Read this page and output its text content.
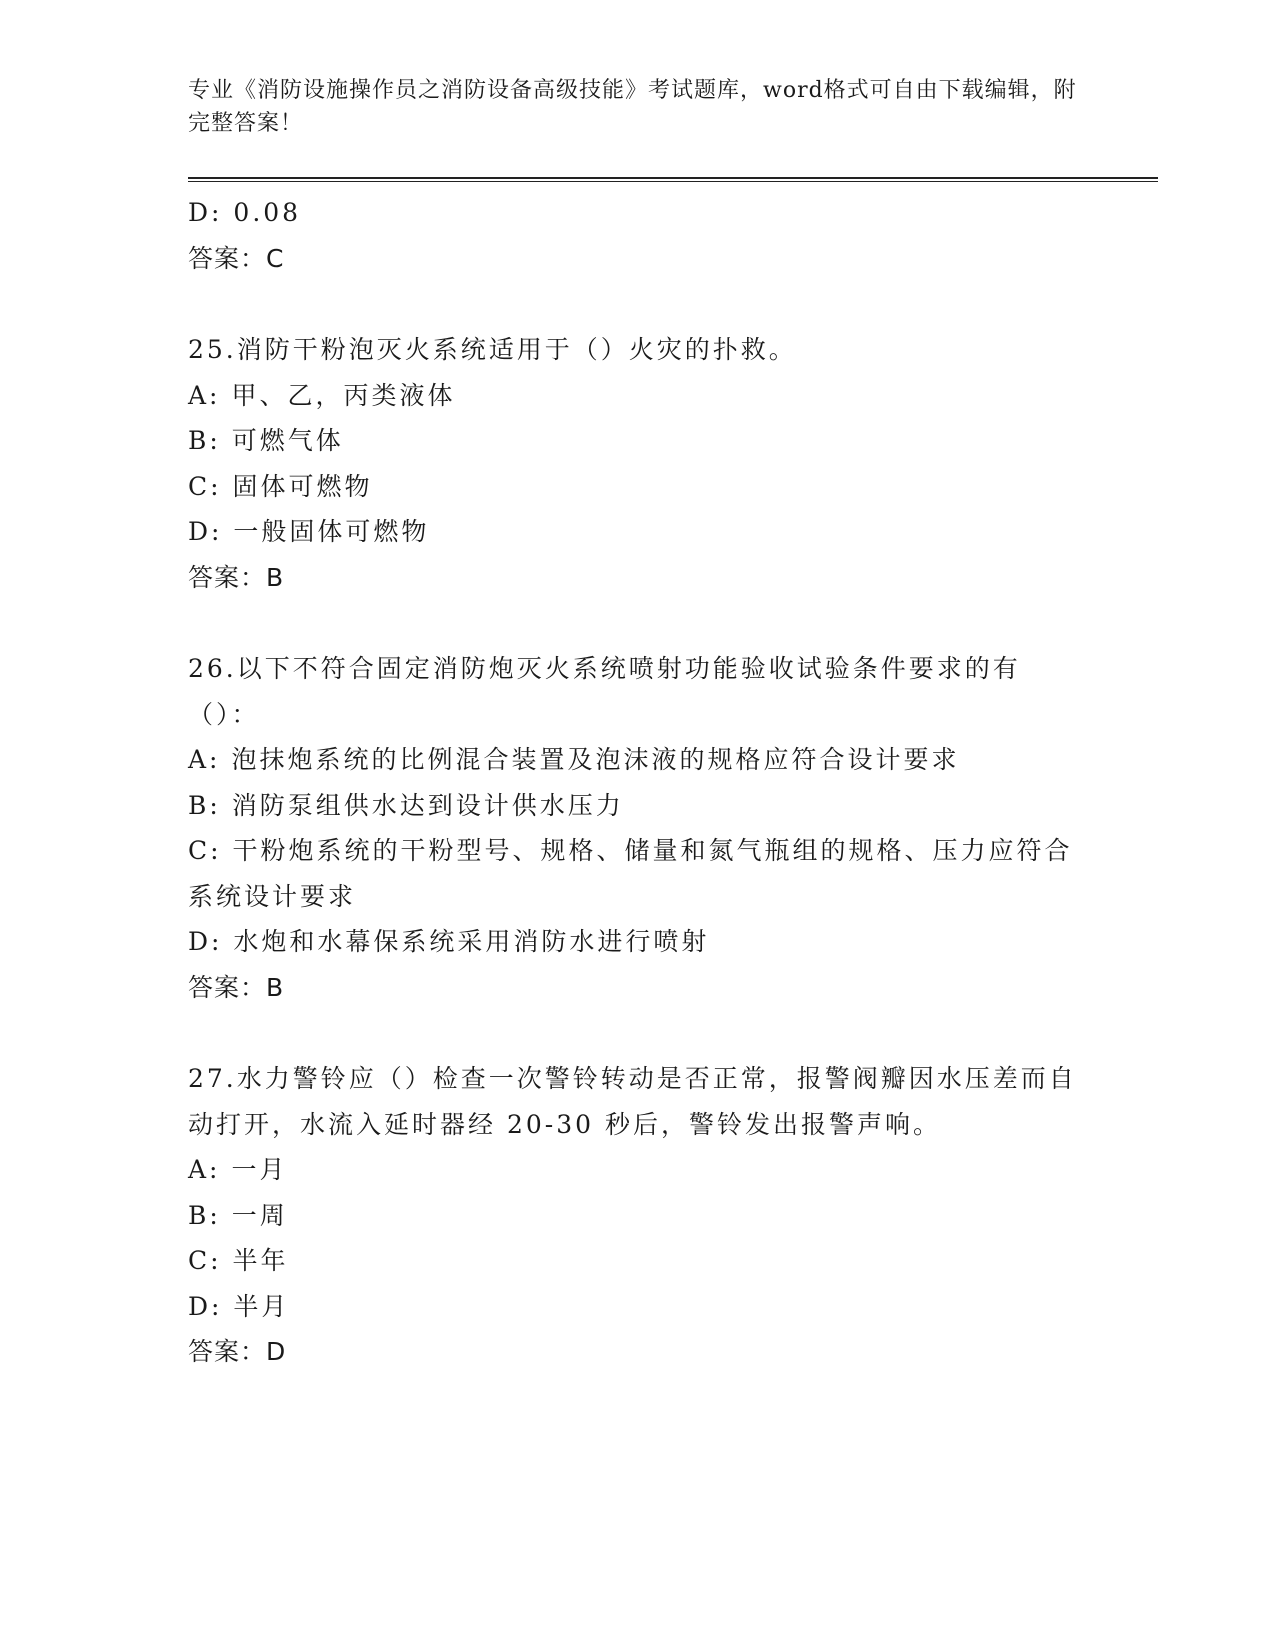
专业《消防设施操作员之消防设备高级技能》考试题库，word格式可自由下载编辑，附完整答案！
D: 0.08
答案：C
25.消防干粉泡灭火系统适用于（）火灾的扑救。
A: 甲、乙，丙类液体
B: 可燃气体
C: 固体可燃物
D: 一般固体可燃物
答案：B
26.以下不符合固定消防炮灭火系统喷射功能验收试验条件要求的有（）：
A: 泡抹炮系统的比例混合装置及泡沫液的规格应符合设计要求
B: 消防泵组供水达到设计供水压力
C: 干粉炮系统的干粉型号、规格、储量和氮气瓶组的规格、压力应符合系统设计要求
D: 水炮和水幕保系统采用消防水进行喷射
答案：B
27.水力警铃应（）检查一次警铃转动是否正常，报警阀瓣因水压差而自动打开，水流入延时器经 20-30 秒后，警铃发出报警声响。
A: 一月
B: 一周
C: 半年
D: 半月
答案：D
